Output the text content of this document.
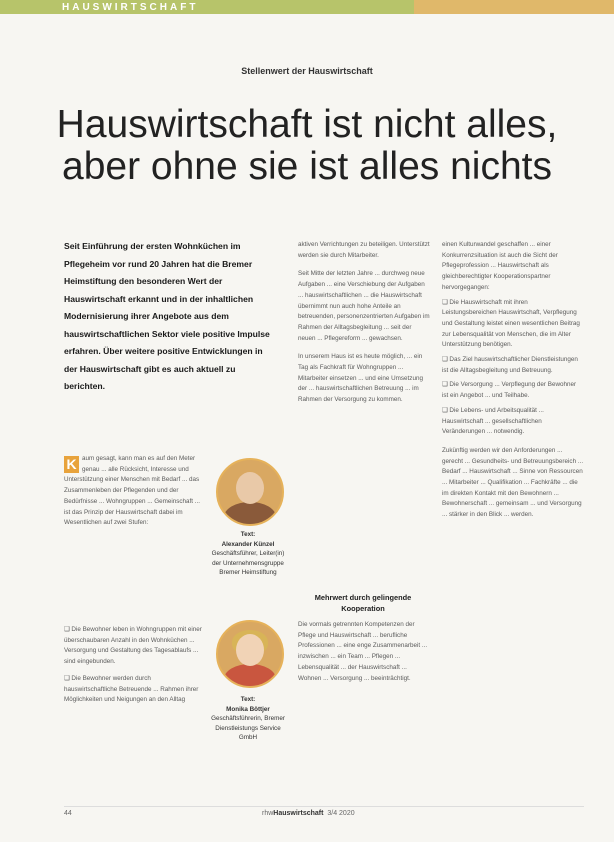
HAUSWIRTSCHAFT
Stellenwert der Hauswirtschaft
Hauswirtschaft ist nicht alles,
aber ohne sie ist alles nichts
Seit Einführung der ersten Wohnküchen im Pflegeheim vor rund 20 Jahren hat die Bremer Heimstiftung den besonderen Wert der Hauswirtschaft erkannt und in der inhaltlichen Modernisierung ihrer Angebote aus dem hauswirtschaftlichen Sektor viele positive Impulse erfahren. Über weitere positive Entwicklungen in der Hauswirtschaft gibt es auch aktuell zu berichten.
K aum gesagt, kann man es auf den Meter genau ... alle Rücksicht, Interesse und Unterstützung einer Menschen mit Bedarf ... das Zusammenleben der Pflegenden und der Bedürfnisse ... Wohngruppen ... Gemeinschaft ... ist das Prinzip der Hauswirtschaft dabei im Wesentlichen auf zwei Stufen:

❑ Die Bewohner leben in Wohngruppen mit einer überschaubaren Anzahl in den Wohnküchen ... Versorgung und Gestaltung des Tagesablaufs ... sind eingebunden.

❑ Die Bewohner werden durch hauswirtschaftliche Betreuende ... Rahmen ihrer Möglichkeiten und Neigungen an den Alltag

Text:
Alexander Künzel
Geschäftsführer, Leiter(in) der Unternehmensgruppe Bremer Heimstiftung
Text:
Monika Böttjer
Geschäftsführerin, Bremer Dienstleistungs Service GmbH

aktiven Verrichtungen zu beteiligen. Unterstützt werden sie durch Mitarbeiter.

Seit Mitte der letzten Jahre ... durchweg neue Aufgaben ... eine Verschiebung der Aufgaben ... hauswirtschaftlichen ... die Hauswirtschaft übernimmt nun auch hohe Anteile an betreuenden, personenzentrierten Aufgaben im Rahmen der Alltagsbegleitung ... seit der neuen ... Pflegereform ... gewachsen.

In unserem Haus ist es heute möglich, ... ein Tag als Fachkraft für Wohngruppen ... Mitarbeiter einsetzen ... und eine Umsetzung der ... hauswirtschaftlichen Betreuung ... im Rahmen der Versorgung zu kommen.

Mehrwert durch gelingende Kooperation

Die vormals getrennten Kompetenzen der Pflege und Hauswirtschaft ... berufliche Professionen ... eine enge Zusammenarbeit ... inzwischen ... ein Team ... Pflegen ... Lebensqualität ... der Hauswirtschaft ... Wohnen ... Versorgung ... beeinträchtigt.

einen Kulturwandel geschaffen ... einer Konkurrenzsituation ist auch die Sicht der Pflegeprofession ... Hauswirtschaft als gleichberechtigter Kooperationspartner hervorgegangen:

❑ Die Hauswirtschaft mit ihren Leistungsbereichen Hauswirtschaft, Verpflegung und Gestaltung leistet einen wesentlichen Beitrag zur Lebensqualität von Menschen, die im Alter Unterstützung benötigen.

❑ Das Ziel hauswirtschaftlicher Dienstleistungen ist die Alltagsbegleitung und Betreuung.

❑ Die Versorgung ... Verpflegung der Bewohner ist ein Angebot ... und Teilhabe.

❑ Die Lebens- und Arbeitsqualität ... Hauswirtschaft ... gesellschaftlichen Veränderungen ... notwendig.

Zukünftig werden wir den Anforderungen ... gerecht ... Gesundheits- und Betreuungsbereich ... Bedarf ... Hauswirtschaft ... Sinne von Ressourcen ... Mitarbeiter ... Qualifikation ... Fachkräfte ... die im direkten Kontakt mit den Bewohnern ... Bewohnerschaft ... gemeinsam ... und Versorgung ... stärker in den Blick ... werden.

44	rhwHauswirtschaft 3/4 2020
